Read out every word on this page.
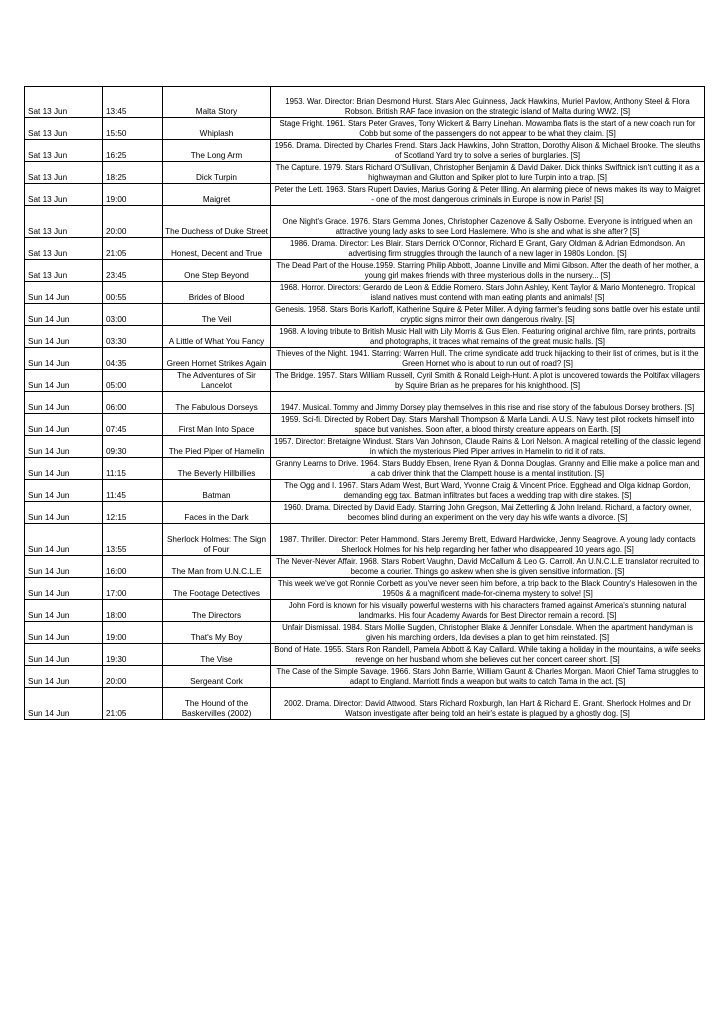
Sat 13 Jun	13:45	Malta Story	1953. War. Director: Brian Desmond Hurst. Stars Alec Guinness, Jack Hawkins, Muriel Pavlow, Anthony Steel & Flora Robson. British RAF face invasion on the strategic island of Malta during WW2. [S]
Sat 13 Jun	15:50	Whiplash	Stage Fright. 1961. Stars Peter Graves, Tony Wickert & Barry Linehan. Mowamba flats is the start of a new coach run for Cobb but some of the passengers do not appear to be what they claim. [S]
Sat 13 Jun	16:25	The Long Arm	1956. Drama. Directed by Charles Frend. Stars Jack Hawkins, John Stratton, Dorothy Alison & Michael Brooke. The sleuths of Scotland Yard try to solve a series of burglaries. [S]
Sat 13 Jun	18:25	Dick Turpin	The Capture. 1979. Stars Richard O'Sullivan, Christopher Benjamin & David Daker. Dick thinks Swiftnick isn't cutting it as a highwayman and Glutton and Spiker plot to lure Turpin into a trap. [S]
Sat 13 Jun	19:00	Maigret	Peter the Lett. 1963. Stars Rupert Davies, Marius Goring & Peter Illing. An alarming piece of news makes its way to Maigret - one of the most dangerous criminals in Europe is now in Paris! [S]
Sat 13 Jun	20:00	The Duchess of Duke Street	One Night's Grace. 1976. Stars Gemma Jones, Christopher Cazenove & Sally Osborne. Everyone is intrigued when an attractive young lady asks to see Lord Haslemere. Who is she and what is she after? [S]
Sat 13 Jun	21:05	Honest, Decent and True	1986. Drama. Director: Les Blair. Stars Derrick O'Connor, Richard E Grant, Gary Oldman & Adrian Edmondson. An advertising firm struggles through the launch of a new lager in 1980s London. [S]
Sat 13 Jun	23:45	One Step Beyond	The Dead Part of the House.1959. Starring Philip Abbott, Joanne Linville and Mimi Gibson. After the death of her mother, a young girl makes friends with three mysterious dolls in the nursery... [S]
Sun 14 Jun	00:55	Brides of Blood	1968. Horror. Directors: Gerardo de Leon & Eddie Romero. Stars John Ashley, Kent Taylor & Mario Montenegro. Tropical island natives must contend with man eating plants and animals! [S]
Sun 14 Jun	03:00	The Veil	Genesis. 1958. Stars Boris Karloff, Katherine Squire & Peter Miller. A dying farmer's feuding sons battle over his estate until cryptic signs mirror their own dangerous rivalry. [S]
Sun 14 Jun	03:30	A Little of What You Fancy	1968. A loving tribute to British Music Hall with Lily Morris & Gus Elen. Featuring original archive film, rare prints, portraits and photographs, it traces what remains of the great music halls. [S]
Sun 14 Jun	04:35	Green Hornet Strikes Again	Thieves of the Night. 1941. Starring: Warren Hull. The crime syndicate add truck hijacking to their list of crimes, but is it the Green Hornet who is about to run out of road? [S]
Sun 14 Jun	05:00	The Adventures of Sir Lancelot	The Bridge. 1957. Stars William Russell, Cyril Smith & Ronald Leigh-Hunt. A plot is uncovered towards the Poltifax villagers by Squire Brian as he prepares for his knighthood. [S]
Sun 14 Jun	06:00	The Fabulous Dorseys	1947. Musical. Tommy and Jimmy Dorsey play themselves in this rise and rise story of the fabulous Dorsey brothers. [S]
Sun 14 Jun	07:45	First Man Into Space	1959. Sci-fi. Directed by Robert Day. Stars Marshall Thompson & Marla Landi. A U.S. Navy test pilot rockets himself into space but vanishes. Soon after, a blood thirsty creature appears on Earth. [S]
Sun 14 Jun	09:30	The Pied Piper of Hamelin	1957. Director: Bretaigne Windust. Stars Van Johnson, Claude Rains & Lori Nelson. A magical retelling of the classic legend in which the mysterious Pied Piper arrives in Hamelin to rid it of rats.
Sun 14 Jun	11:15	The Beverly Hillbillies	Granny Learns to Drive. 1964. Stars Buddy Ebsen, Irene Ryan & Donna Douglas. Granny and Ellie make a police man and a cab driver think that the Clampett house is a mental institution. [S]
Sun 14 Jun	11:45	Batman	The Ogg and I. 1967. Stars Adam West, Burt Ward, Yvonne Craig & Vincent Price. Egghead and Olga kidnap Gordon, demanding egg tax. Batman infiltrates but faces a wedding trap with dire stakes. [S]
Sun 14 Jun	12:15	Faces in the Dark	1960. Drama. Directed by David Eady. Starring John Gregson, Mai Zetterling & John Ireland. Richard, a factory owner, becomes blind during an experiment on the very day his wife wants a divorce. [S]
Sun 14 Jun	13:55	Sherlock Holmes: The Sign of Four	1987. Thriller. Director: Peter Hammond. Stars Jeremy Brett, Edward Hardwicke, Jenny Seagrove. A young lady contacts Sherlock Holmes for his help regarding her father who disappeared 10 years ago. [S]
Sun 14 Jun	16:00	The Man from U.N.C.L.E	The Never-Never Affair. 1968. Stars Robert Vaughn, David McCallum & Leo G. Carroll. An U.N.C.L.E translator recruited to become a courier. Things go askew when she is given sensitive information. [S]
Sun 14 Jun	17:00	The Footage Detectives	This week we've got Ronnie Corbett as you've never seen him before, a trip back to the Black Country's Halesowen in the 1950s & a magnificent made-for-cinema mystery to solve! [S]
Sun 14 Jun	18:00	The Directors	John Ford is known for his visually powerful westerns with his characters framed against America's stunning natural landmarks. His four Academy Awards for Best Director remain a record. [S]
Sun 14 Jun	19:00	That's My Boy	Unfair Dismissal. 1984. Stars Mollie Sugden, Christopher Blake & Jennifer Lonsdale. When the apartment handyman is given his marching orders, Ida devises a plan to get him reinstated. [S]
Sun 14 Jun	19:30	The Vise	Bond of Hate. 1955. Stars Ron Randell, Pamela Abbott & Kay Callard. While taking a holiday in the mountains, a wife seeks revenge on her husband whom she believes cut her concert career short. [S]
Sun 14 Jun	20:00	Sergeant Cork	The Case of the Simple Savage. 1966. Stars John Barrie, William Gaunt & Charles Morgan. Maori Chief Tama struggles to adapt to England. Marriott finds a weapon but waits to catch Tama in the act. [S]
Sun 14 Jun	21:05	The Hound of the Baskervilles (2002)	2002. Drama. Director: David Attwood. Stars Richard Roxburgh, Ian Hart & Richard E. Grant. Sherlock Holmes and Dr Watson investigate after being told an heir's estate is plagued by a ghostly dog. [S]
